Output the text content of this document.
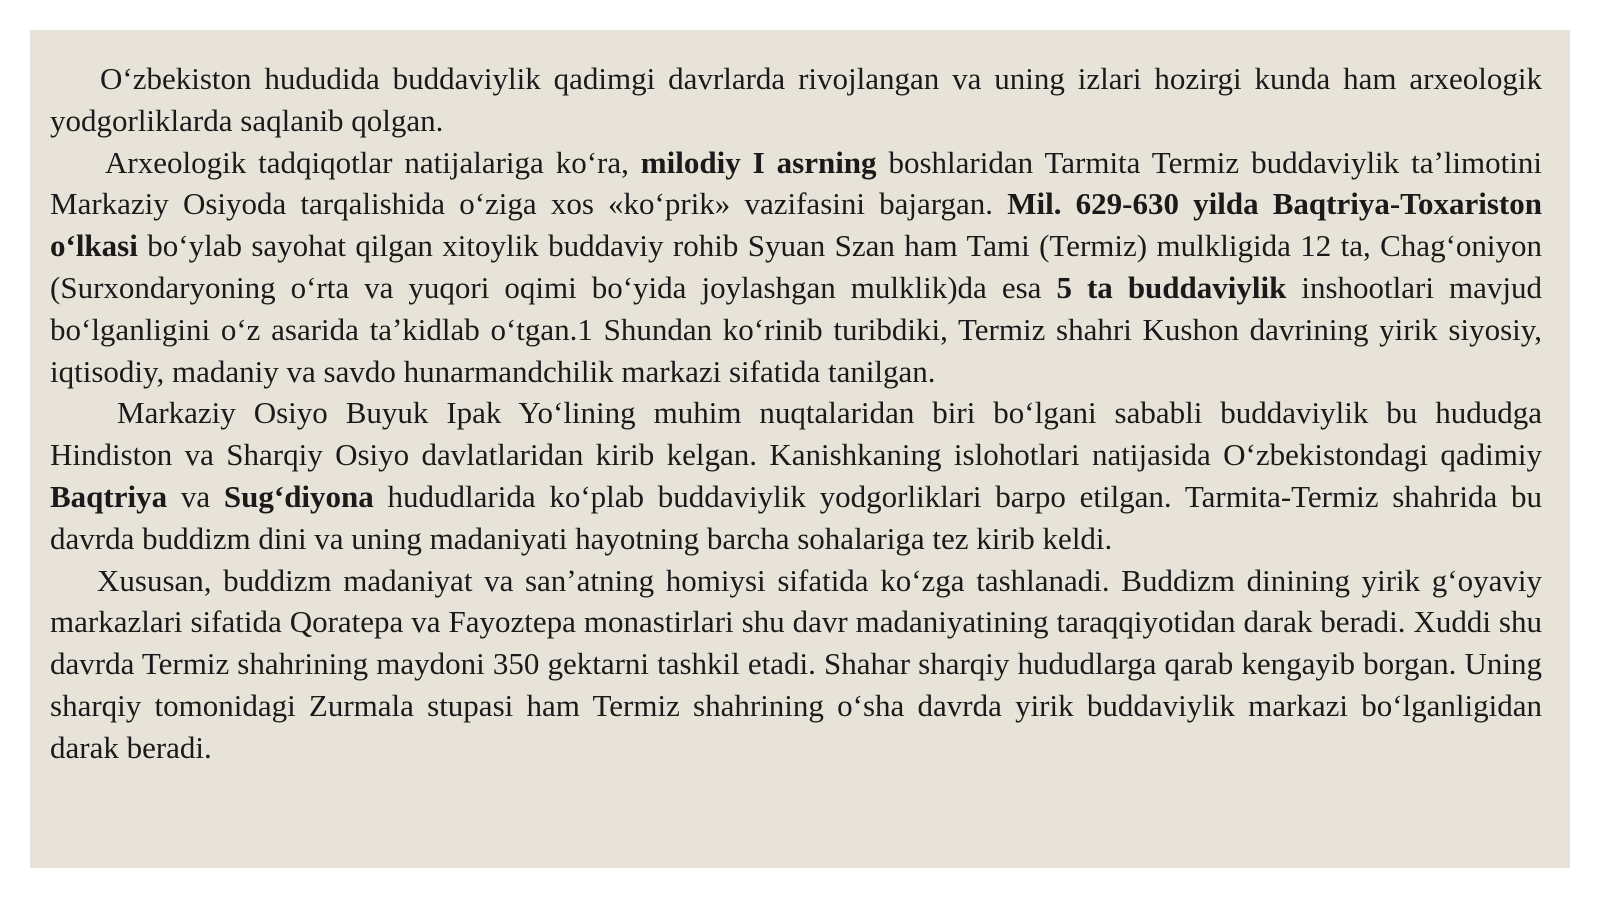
Oʻzbekiston hududida buddaviylik qadimgi davrlarda rivojlangan va uning izlari hozirgi kunda ham arxeologik yodgorliklarda saqlanib qolgan.

Arxeologik tadqiqotlar natijalariga koʻra, milodiy I asrning boshlaridan Tarmita Termiz buddaviylik taʼlimotini Markaziy Osiyoda tarqalishida oʻziga xos «koʻprik» vazifasini bajargan. Mil. 629-630 yilda Baqtriya-Toxariston oʻlkasi boʻylab sayohat qilgan xitoylik buddaviy rohib Syuan Szan ham Tami (Termiz) mulkligida 12 ta, Chagʻoniyon (Surxondaryoning oʻrta va yuqori oqimi boʻyida joylashgan mulklik)da esa 5 ta buddaviylik inshootlari mavjud boʻlganligini oʻz asarida taʼkidlab oʻtgan.1 Shundan koʻrinib turibdiki, Termiz shahri Kushon davrining yirik siyosiy, iqtisodiy, madaniy va savdo hunarmandchilik markazi sifatida tanilgan.

Markaziy Osiyo Buyuk Ipak Yoʻlining muhim nuqtalaridan biri boʻlgani sababli buddaviylik bu hududga Hindiston va Sharqiy Osiyo davlatlaridan kirib kelgan. Kanishkaning islohotlari natijasida Oʻzbekistondagi qadimiy Baqtriya va Sugʻdiyona hududlarida koʻplab buddaviylik yodgorliklari barpo etilgan. Tarmita-Termiz shahrida bu davrda buddizm dini va uning madaniyati hayotning barcha sohalariga tez kirib keldi.

Xususan, buddizm madaniyat va sanʼatning homiysi sifatida koʻzga tashlanadi. Buddizm dinining yirik gʻoyaviy markazlari sifatida Qoratepa va Fayoztepa monastirlari shu davr madaniyatining taraqqiyotidan darak beradi. Xuddi shu davrda Termiz shahrining maydoni 350 gektarni tashkil etadi. Shahar sharqiy hududlarga qarab kengayib borgan. Uning sharqiy tomonidagi Zurmala stupasi ham Termiz shahrining oʻsha davrda yirik buddaviylik markazi boʻlganligidan darak beradi.
